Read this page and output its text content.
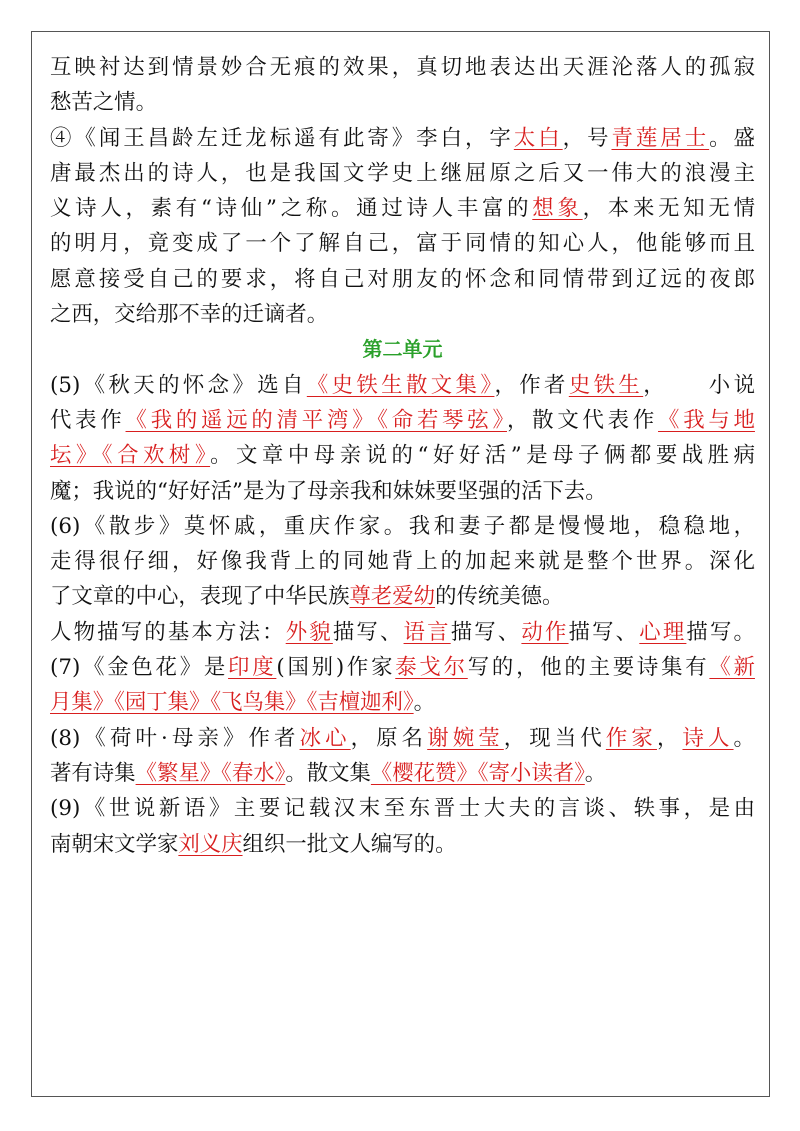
互映衬达到情景妙合无痕的效果，真切地表达出天涯沦落人的孤寂
愁苦之情。
④《闻王昌龄左迁龙标遥有此寄》李白，字太白，号青莲居士。盛
唐最杰出的诗人，也是我国文学史上继屈原之后又一伟大的浪漫主
义诗人，素有“诗仙”之称。通过诗人丰富的想象，本来无知无情
的明月，竟变成了一个了解自己，富于同情的知心人，他能够而且
愿意接受自己的要求，将自己对朋友的怀念和同情带到辽远的夜郎
之西，交给那不幸的迁谪者。
第二单元
(5)《秋天的怀念》选自《史铁生散文集》，作者史铁生，    小说
代表作《我的遥远的清平湾》《命若琴弦》，散文代表作《我与地
坛》《合欢树》。文章中母亲说的“好好活”是母子俩都要战胜病
魔；我说的“好好活”是为了母亲我和妹妹要坚强的活下去。
(6)《散步》莫怀戚，重庆作家。我和妻子都是慢慢地，稳稳地，
走得很仔细，好像我背上的同她背上的加起来就是整个世界。深化
了文章的中心，表现了中华民族尊老爱幼的传统美德。
人物描写的基本方法：外貌描写、语言描写、动作描写、心理描写。
(7)《金色花》是印度(国别)作家泰戈尔写的，他的主要诗集有《新
月集》《园丁集》《飞鸟集》《吉檀迦利》。
(8)《荷叶·母亲》作者冰心，原名谢婉莹，现当代作家，诗人。
著有诗集《繁星》《春水》。散文集《樱花赞》《寄小读者》。
(9)《世说新语》主要记载汉末至东晋士大夫的言谈、轶事，是由
南朝宋文学家刘义庆组织一批文人编写的。
